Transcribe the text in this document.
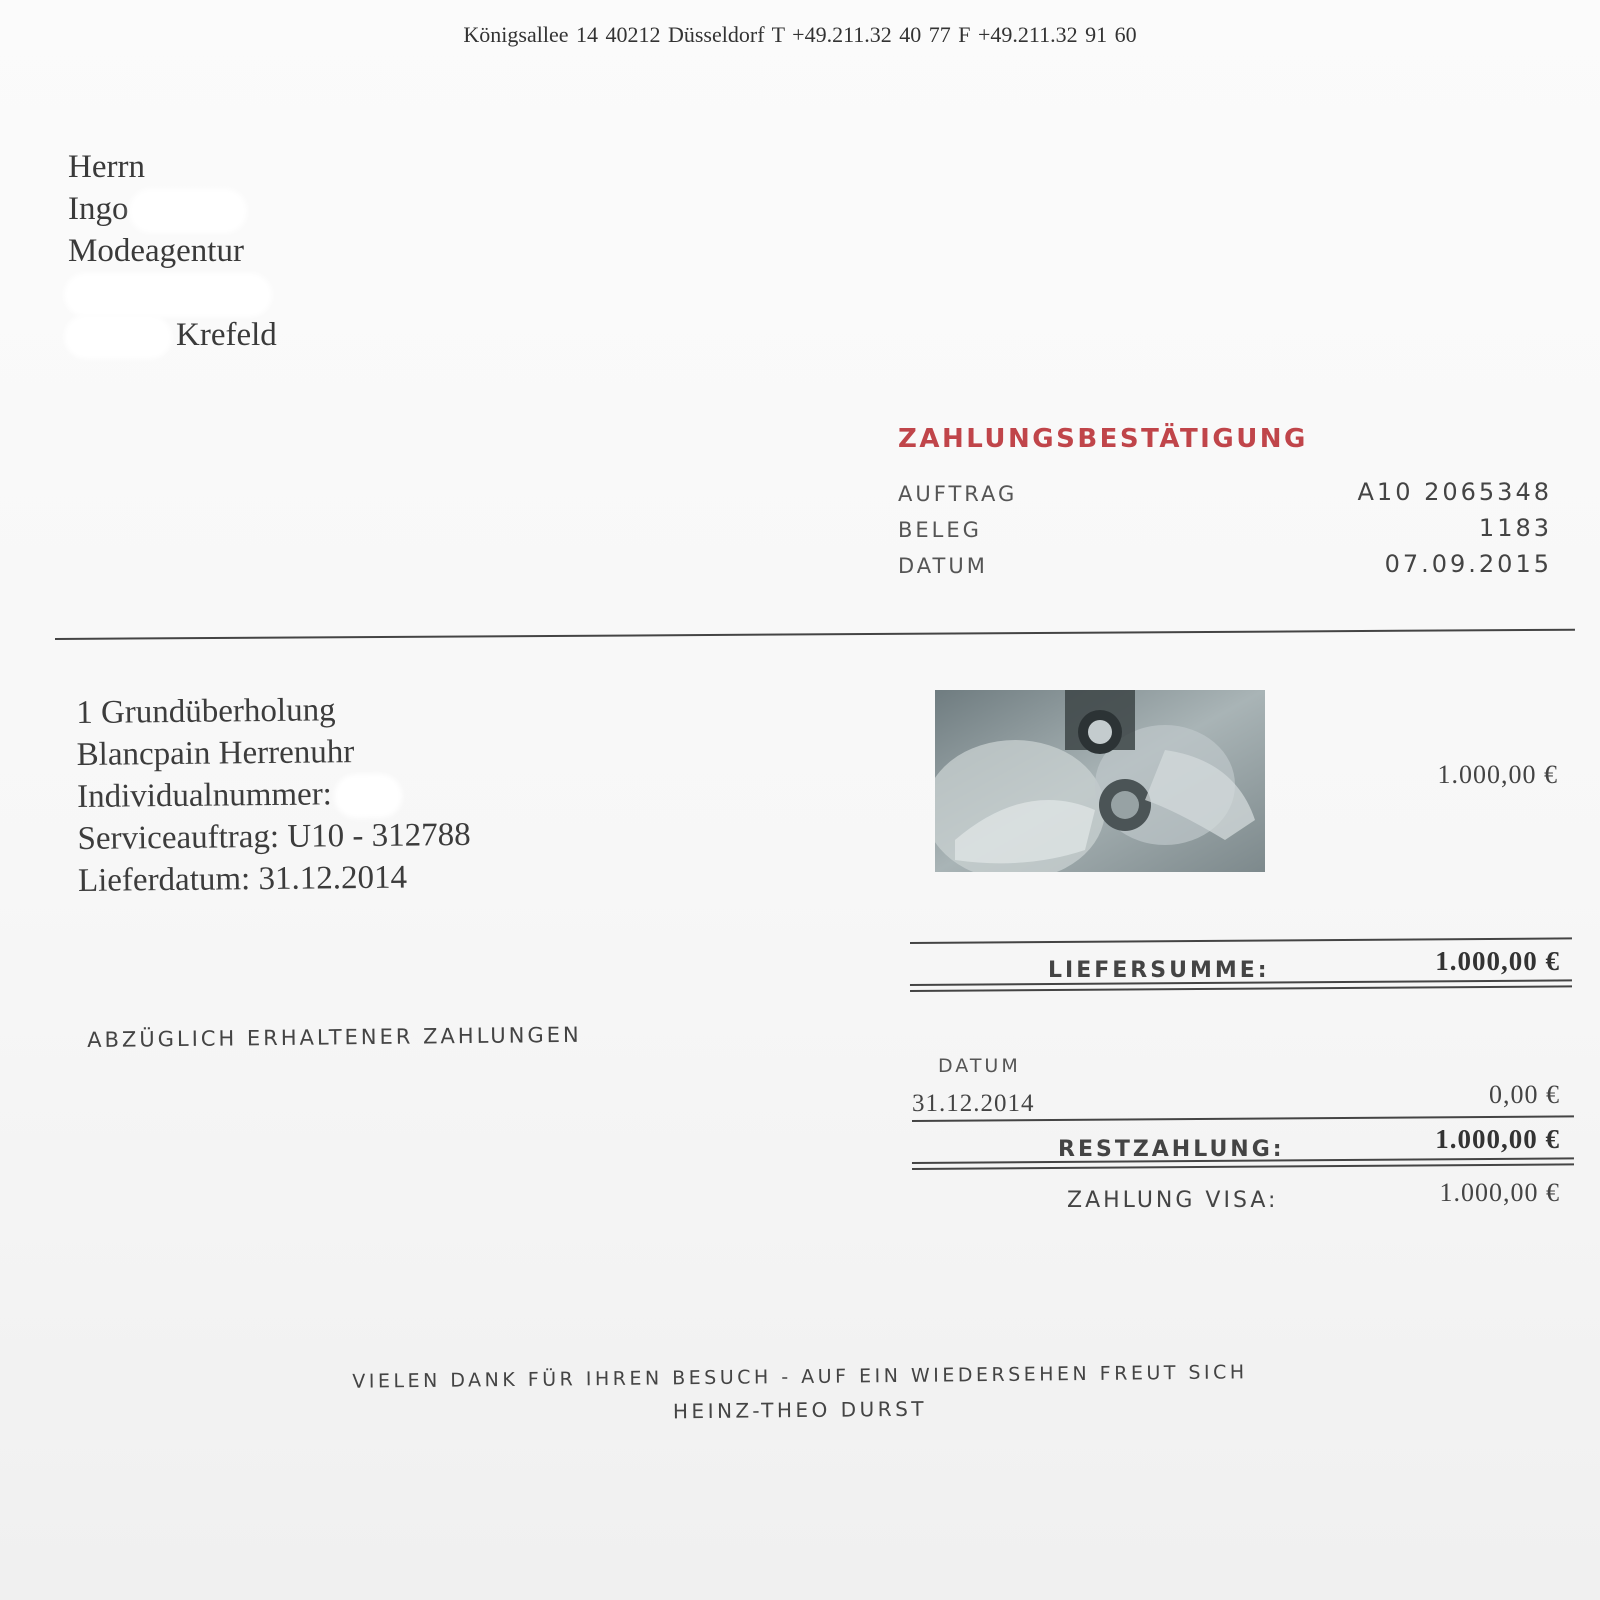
Königsallee 14 40212 Düsseldorf T +49.211.32 40 77 F +49.211.32 91 60
Herrn
Ingo
Modeagentur
Krefeld
ZAHLUNGSBESTÄTIGUNG
AUFTRAG	A10 2065348
BELEG	1183
DATUM	07.09.2015
1 Grundüberholung
Blancpain Herrenuhr
Individualnummer:
Serviceauftrag: U10 - 312788
Lieferdatum: 31.12.2014
1.000,00 €
LIEFERSUMME:	1.000,00 €
ABZÜGLICH ERHALTENER ZAHLUNGEN
DATUM
31.12.2014	0,00 €
RESTZAHLUNG:	1.000,00 €
ZAHLUNG VISA:	1.000,00 €
VIELEN DANK FÜR IHREN BESUCH - AUF EIN WIEDERSEHEN FREUT SICH
HEINZ-THEO DURST
